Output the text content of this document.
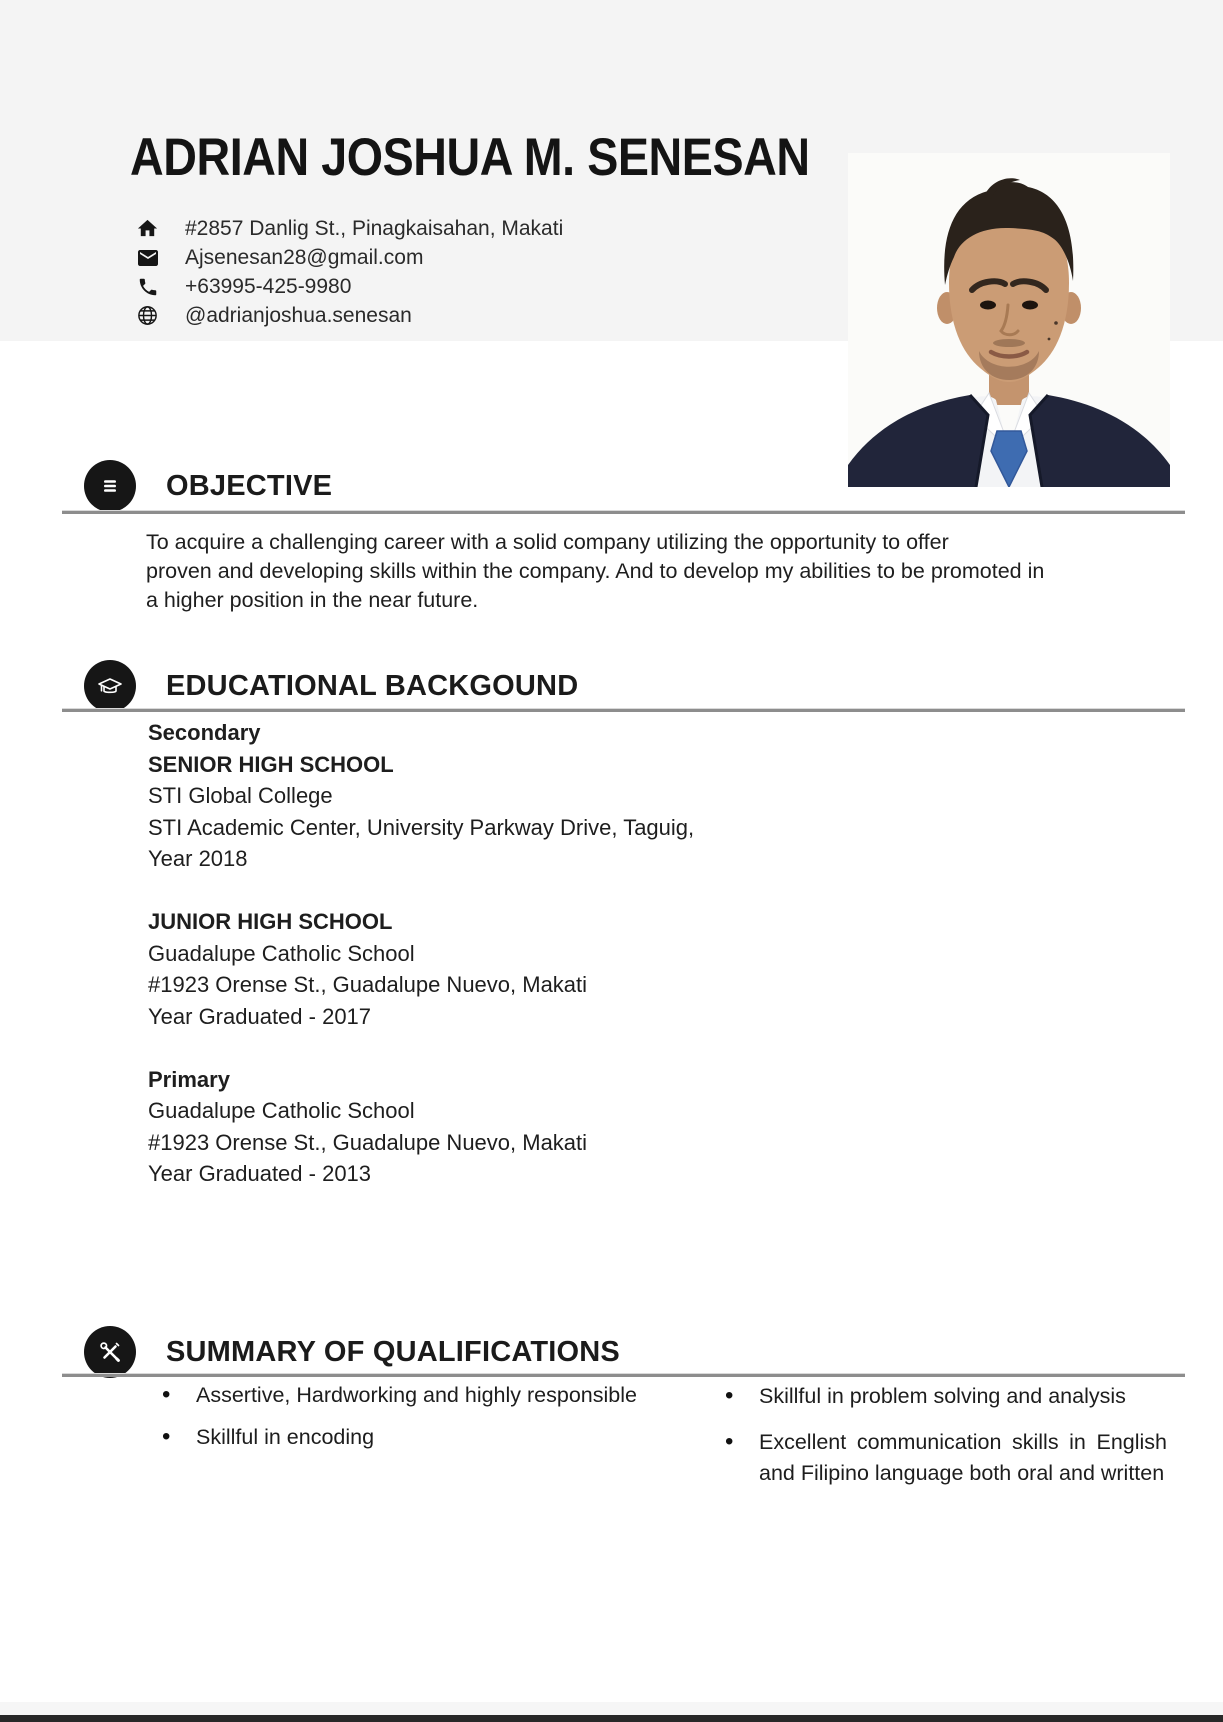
ADRIAN JOSHUA M. SENESAN
#2857 Danlig St., Pinagkaisahan, Makati
Ajsenesan28@gmail.com
+63995-425-9980
@adrianjoshua.senesan
OBJECTIVE
To acquire a challenging career with a solid company utilizing the opportunity to offer
proven and developing skills within the company. And to develop my abilities to be promoted in
a higher position in the near future.
EDUCATIONAL BACKGOUND
Secondary
SENIOR HIGH SCHOOL
STI Global College
STI Academic Center, University Parkway Drive, Taguig,
Year 2018
JUNIOR HIGH SCHOOL
Guadalupe Catholic School
#1923 Orense St., Guadalupe Nuevo, Makati
Year Graduated - 2017
Primary
Guadalupe Catholic School
#1923 Orense St., Guadalupe Nuevo, Makati
Year Graduated - 2013
SUMMARY OF QUALIFICATIONS
• Assertive, Hardworking and highly responsible
• Skillful in encoding
• Skillful in problem solving and analysis
• Excellent communication skills in English and Filipino language both oral and written
